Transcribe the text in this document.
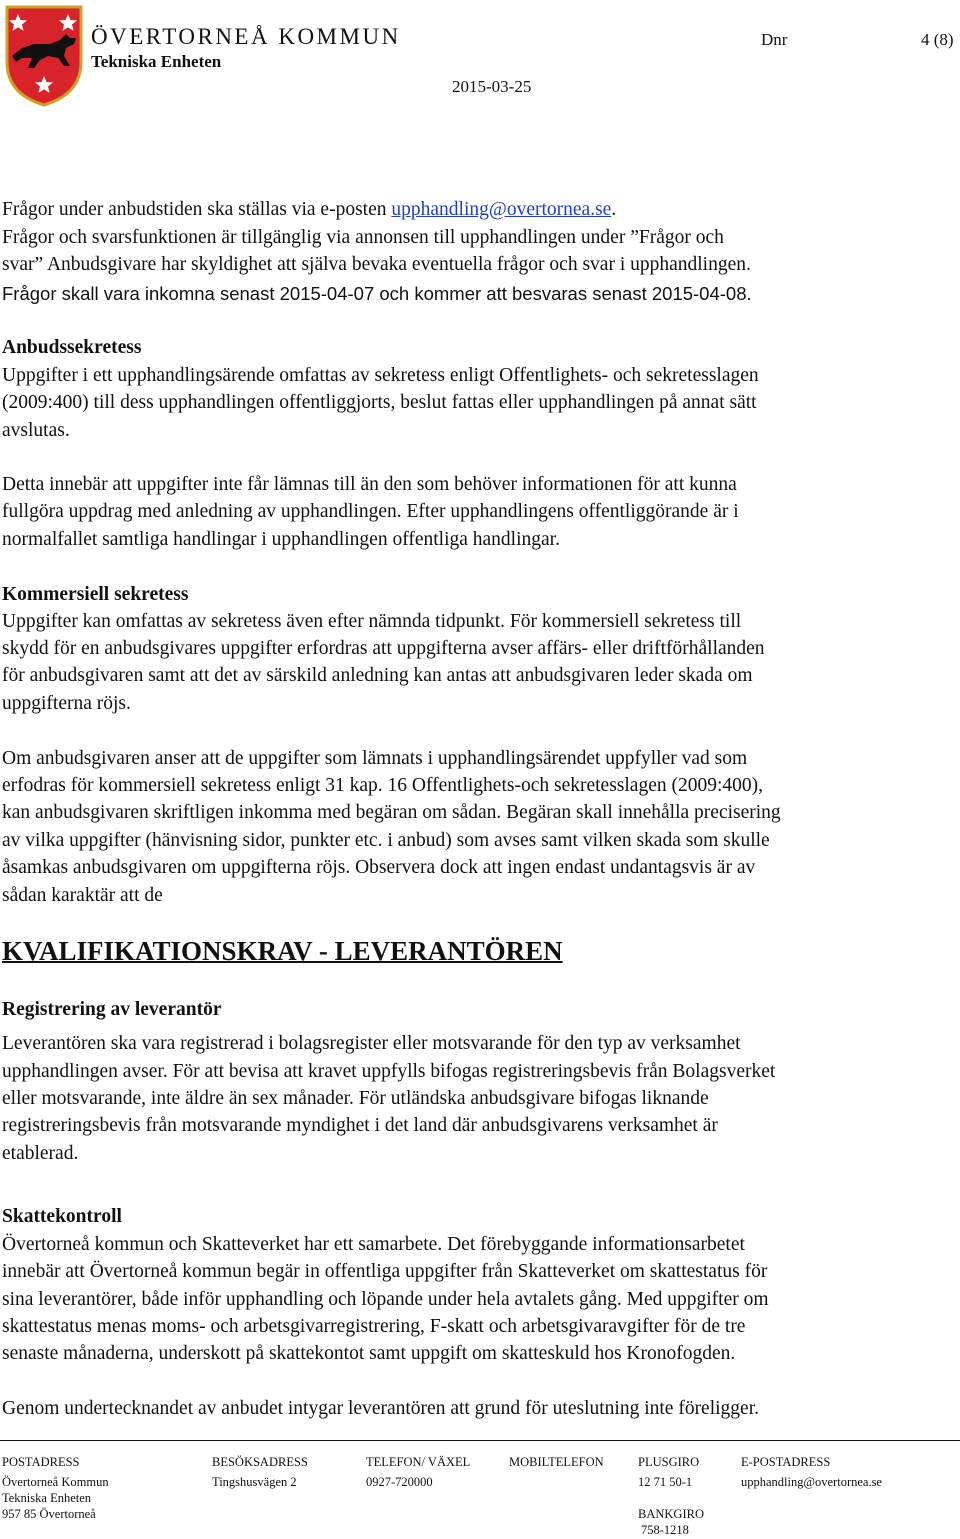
ÖVERTORNEÅ KOMMUN
Tekniska Enheten
2015-03-25
Dnr	4 (8)
Frågor under anbudstiden ska ställas via e-posten upphandling@overtornea.se.
Frågor och svarsfunktionen är tillgänglig via annonsen till upphandlingen under ”Frågor och
svar” Anbudsgivare har skyldighet att själva bevaka eventuella frågor och svar i upphandlingen.
Frågor skall vara inkomna senast 2015-04-07 och kommer att besvaras senast 2015-04-08.
Anbudssekretess
Uppgifter i ett upphandlingsärende omfattas av sekretess enligt Offentlighets- och sekretesslagen
(2009:400) till dess upphandlingen offentliggjorts, beslut fattas eller upphandlingen på annat sätt
avslutas.
Detta innebär att uppgifter inte får lämnas till än den som behöver informationen för att kunna
fullgöra uppdrag med anledning av upphandlingen. Efter upphandlingens offentliggörande är i
normalfallet samtliga handlingar i upphandlingen offentliga handlingar.
Kommersiell sekretess
Uppgifter kan omfattas av sekretess även efter nämnda tidpunkt. För kommersiell sekretess till
skydd för en anbudsgivares uppgifter erfordras att uppgifterna avser affärs- eller driftförhållanden
för anbudsgivaren samt att det av särskild anledning kan antas att anbudsgivaren leder skada om
uppgifterna röjs.
Om anbudsgivaren anser att de uppgifter som lämnats i upphandlingsärendet uppfyller vad som
erfodras för kommersiell sekretess enligt 31 kap. 16 Offentlighets-och sekretesslagen (2009:400),
kan anbudsgivaren skriftligen inkomma med begäran om sådan. Begäran skall innehålla precisering
av vilka uppgifter (hänvisning sidor, punkter etc. i anbud) som avses samt vilken skada som skulle
åsamkas anbudsgivaren om uppgifterna röjs. Observera dock att ingen endast undantagsvis är av
sådan karaktär att de
KVALIFIKATIONSKRAV - LEVERANTÖREN
Registrering av leverantör
Leverantören ska vara registrerad i bolagsregister eller motsvarande för den typ av verksamhet
upphandlingen avser. För att bevisa att kravet uppfylls bifogas registreringsbevis från Bolagsverket
eller motsvarande, inte äldre än sex månader. För utländska anbudsgivare bifogas liknande
registreringsbevis från motsvarande myndighet i det land där anbudsgivarens verksamhet är
etablerad.
Skattekontroll
Övertorneå kommun och Skatteverket har ett samarbete. Det förebyggande informationsarbetet
innebär att Övertorneå kommun begär in offentliga uppgifter från Skatteverket om skattestatus för
sina leverantörer, både inför upphandling och löpande under hela avtalets gång. Med uppgifter om
skattestatus menas moms- och arbetsgivarregistrering, F-skatt och arbetsgivaravgifter för de tre
senaste månaderna, underskott på skattekontot samt uppgift om skatteskuld hos Kronofogden.
Genom undertecknandet av anbudet intygar leverantören att grund för uteslutning inte föreligger.
POSTADRESS
Övertorneå Kommun
Tekniska Enheten
957 85 Övertorneå
BESÖKSADRESS
Tingshusvägen 2
TELEFON/ VÄXEL
0927-720000
MOBILTELEFON	PLUSGIRO
12 71 50-1
BANKGIRO
758-1218
E-POSTADRESS
upphandling@overtornea.se
